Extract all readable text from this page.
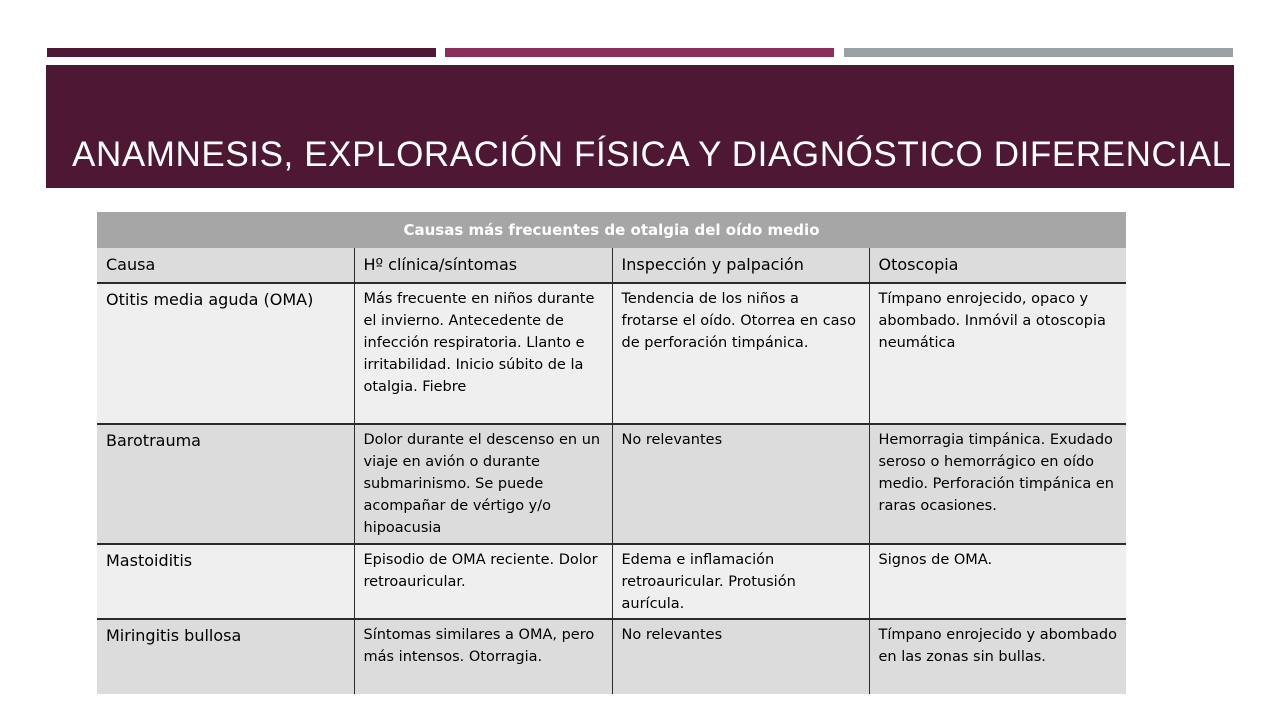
ANAMNESIS, EXPLORACIÓN FÍSICA Y DIAGNÓSTICO DIFERENCIAL
Causas más frecuentes de otalgia del oído medio			
Causa	Hº clínica/síntomas	Inspección y palpación	Otoscopia
Otitis media aguda (OMA)	Más frecuente en niños durante el invierno. Antecedente de infección respiratoria. Llanto e irritabilidad. Inicio súbito de la otalgia. Fiebre	Tendencia de los niños a frotarse el oído. Otorrea en caso de perforación timpánica.	Tímpano enrojecido, opaco y abombado. Inmóvil a otoscopia neumática
Barotrauma	Dolor durante el descenso en un viaje en avión o durante submarinismo. Se puede acompañar de vértigo y/o hipoacusia	No relevantes	Hemorragia timpánica. Exudado seroso o hemorrágico en oído medio. Perforación timpánica en raras ocasiones.
Mastoiditis	Episodio de OMA reciente. Dolor retroauricular.	Edema e inflamación retroauricular. Protusión aurícula.	Signos de OMA.
Miringitis bullosa	Síntomas similares a OMA, pero más intensos. Otorragia.	No relevantes	Tímpano enrojecido y abombado en las zonas sin bullas.
